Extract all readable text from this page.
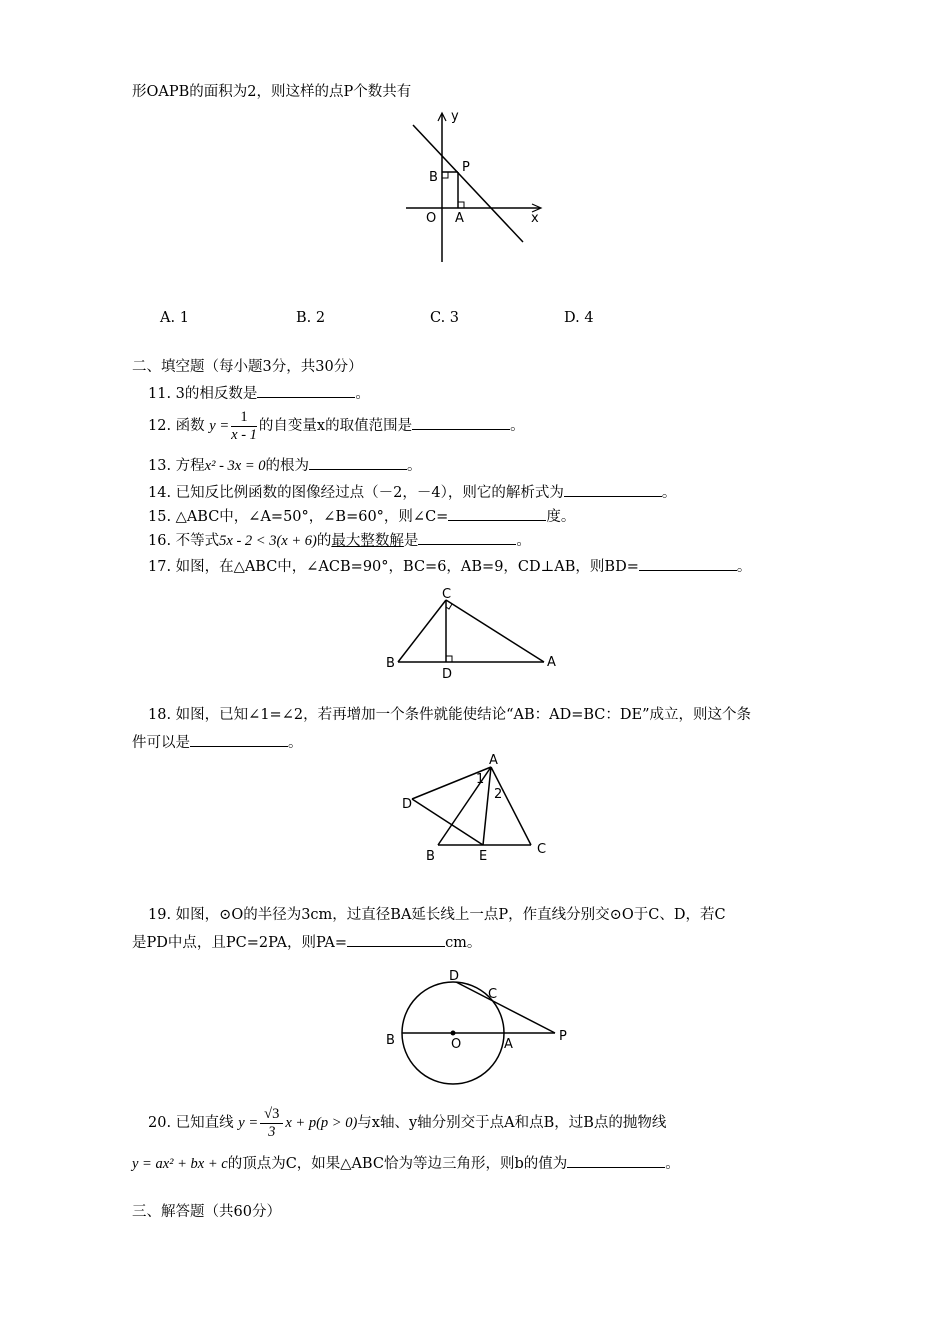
形OAPB的面积为2，则这样的点P个数共有
y
x
O A
B
P
A. 1	B. 2	C. 3	D. 4
二、填空题（每小题3分，共30分）
11. 3的相反数是	。
12. 函数 $y = \frac{1}{x - 1}$ 的自变量x的取值范围是	。
13. 方程x² - 3x = 0的根为	。
14. 已知反比例函数的图像经过点（－2，－4），则它的解析式为	。
15. △ABC中，∠A=50°，∠B=60°，则∠C=	度。
16. 不等式5x - 2 < 3(x + 6)的最大整数解是	。
17. 如图，在△ABC中，∠ACB=90°，BC=6，AB=9，CD⊥AB，则BD=	。
C
B
D
A
18. 如图，已知∠1=∠2，若再增加一个条件就能使结论“AB：AD=BC：DE”成立，则这个条
件可以是	。
A
D
B	E	C
1
2
19. 如图，⊙O的半径为3cm，过直径BA延长线上一点P，作直线分别交⊙O于C、D，若C
是PD中点，且PC=2PA，则PA=	cm。
D
C
B	O	A
P
20. 已知直线 $y = \frac{√3}{3}$ x + p(p > 0)与x轴、y轴分别交于点A和点B，过B点的抛物线
y = ax² + bx + c的顶点为C，如果△ABC恰为等边三角形，则b的值为	。
三、解答题（共60分）
